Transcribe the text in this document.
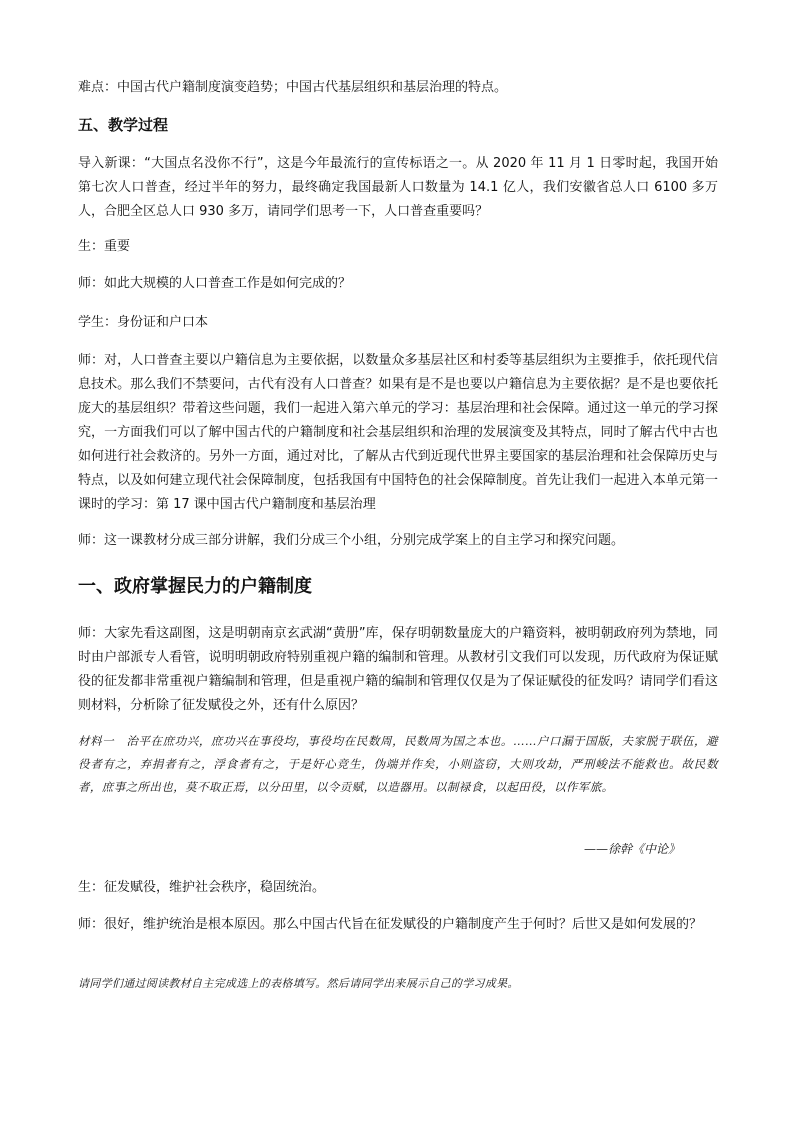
难点：中国古代户籍制度演变趋势；中国古代基层组织和基层治理的特点。

五、教学过程

导入新课：“大国点名没你不行”，这是今年最流行的宣传标语之一。从 2020 年 11 月 1 日零时起，我国开始第七次人口普查，经过半年的努力，最终确定我国最新人口数量为 14.1 亿人，我们安徽省总人口 6100 多万人，合肥全区总人口 930 多万，请同学们思考一下，人口普查重要吗？

生：重要

师：如此大规模的人口普查工作是如何完成的？

学生：身份证和户口本

师：对，人口普查主要以户籍信息为主要依据，以数量众多基层社区和村委等基层组织为主要推手，依托现代信息技术。那么我们不禁要问，古代有没有人口普查？如果有是不是也要以户籍信息为主要依据？是不是也要依托庞大的基层组织？带着这些问题，我们一起进入第六单元的学习：基层治理和社会保障。通过这一单元的学习探究，一方面我们可以了解中国古代的户籍制度和社会基层组织和治理的发展演变及其特点，同时了解古代中古也如何进行社会救济的。另外一方面，通过对比，了解从古代到近现代世界主要国家的基层治理和社会保障历史与特点，以及如何建立现代社会保障制度，包括我国有中国特色的社会保障制度。首先让我们一起进入本单元第一课时的学习：第 17 课中国古代户籍制度和基层治理

师：这一课教材分成三部分讲解，我们分成三个小组，分别完成学案上的自主学习和探究问题。

一、政府掌握民力的户籍制度

师：大家先看这副图，这是明朝南京玄武湖“黄册”库，保存明朝数量庞大的户籍资料，被明朝政府列为禁地，同时由户部派专人看管，说明明朝政府特别重视户籍的编制和管理。从教材引文我们可以发现，历代政府为保证赋役的征发都非常重视户籍编制和管理，但是重视户籍的编制和管理仅仅是为了保证赋役的征发吗？请同学们看这则材料，分析除了征发赋役之外，还有什么原因？

材料一　治平在庶功兴，庶功兴在事役均，事役均在民数周，民数周为国之本也。……户口漏于国版，夫家脱于联伍，避役者有之，弃捐者有之，浮食者有之，于是奸心竞生，伪端并作矣，小则盗窃，大则攻劫，严刑峻法不能救也。故民数者，庶事之所出也，莫不取正焉，以分田里，以令贡赋，以造器用。以制禄食，以起田役，以作军旅。

——徐幹《中论》

生：征发赋役，维护社会秩序，稳固统治。

师：很好，维护统治是根本原因。那么中国古代旨在征发赋役的户籍制度产生于何时？后世又是如何发展的？

请同学们通过阅读教材自主完成选上的表格填写。然后请同学出来展示自己的学习成果。
